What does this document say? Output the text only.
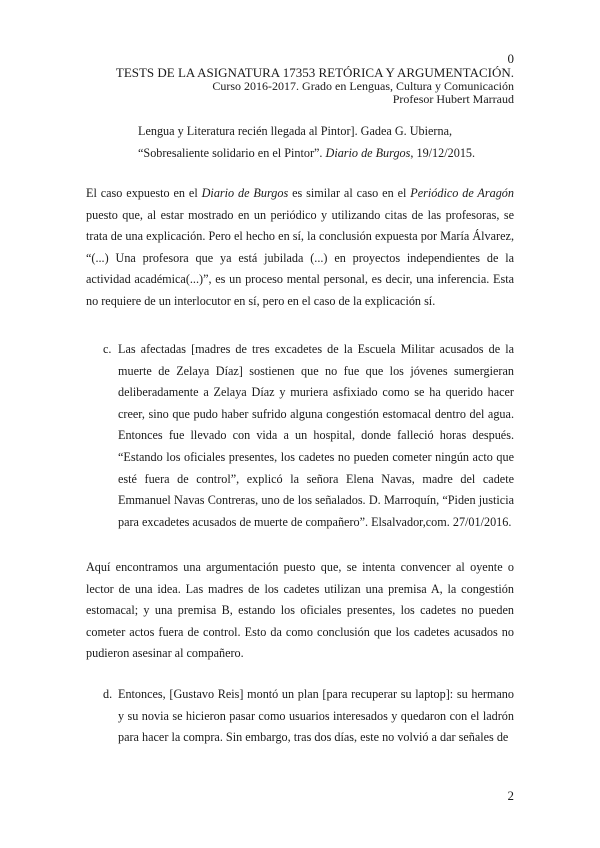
0
TESTS DE LA ASIGNATURA 17353 RETÓRICA Y ARGUMENTACIÓN.
Curso 2016-2017. Grado en Lenguas, Cultura y Comunicación
Profesor Hubert Marraud

Lengua y Literatura recién llegada al Pintor]. Gadea G. Ubierna, “Sobresaliente solidario en el Pintor”. Diario de Burgos, 19/12/2015.

El caso expuesto en el Diario de Burgos es similar al caso en el Periódico de Aragón puesto que, al estar mostrado en un periódico y utilizando citas de las profesoras, se trata de una explicación. Pero el hecho en sí, la conclusión expuesta por María Álvarez, “(...) Una profesora que ya está jubilada (...) en proyectos independientes de la actividad académica(...)”, es un proceso mental personal, es decir, una inferencia. Esta no requiere de un interlocutor en sí, pero en el caso de la explicación sí.

c. Las afectadas [madres de tres excadetes de la Escuela Militar acusados de la muerte de Zelaya Díaz] sostienen que no fue que los jóvenes sumergieran deliberadamente a Zelaya Díaz y muriera asfixiado como se ha querido hacer creer, sino que pudo haber sufrido alguna congestión estomacal dentro del agua. Entonces fue llevado con vida a un hospital, donde falleció horas después. “Estando los oficiales presentes, los cadetes no pueden cometer ningún acto que esté fuera de control”, explicó la señora Elena Navas, madre del cadete Emmanuel Navas Contreras, uno de los señalados. D. Marroquín, “Piden justicia para excadetes acusados de muerte de compañero”. Elsalvador,com. 27/01/2016.

Aquí encontramos una argumentación puesto que, se intenta convencer al oyente o lector de una idea. Las madres de los cadetes utilizan una premisa A, la congestión estomacal; y una premisa B, estando los oficiales presentes, los cadetes no pueden cometer actos fuera de control. Esto da como conclusión que los cadetes acusados no pudieron asesinar al compañero.

d. Entonces, [Gustavo Reis] montó un plan [para recuperar su laptop]: su hermano y su novia se hicieron pasar como usuarios interesados y quedaron con el ladrón para hacer la compra. Sin embargo, tras dos días, este no volvió a dar señales de

2
